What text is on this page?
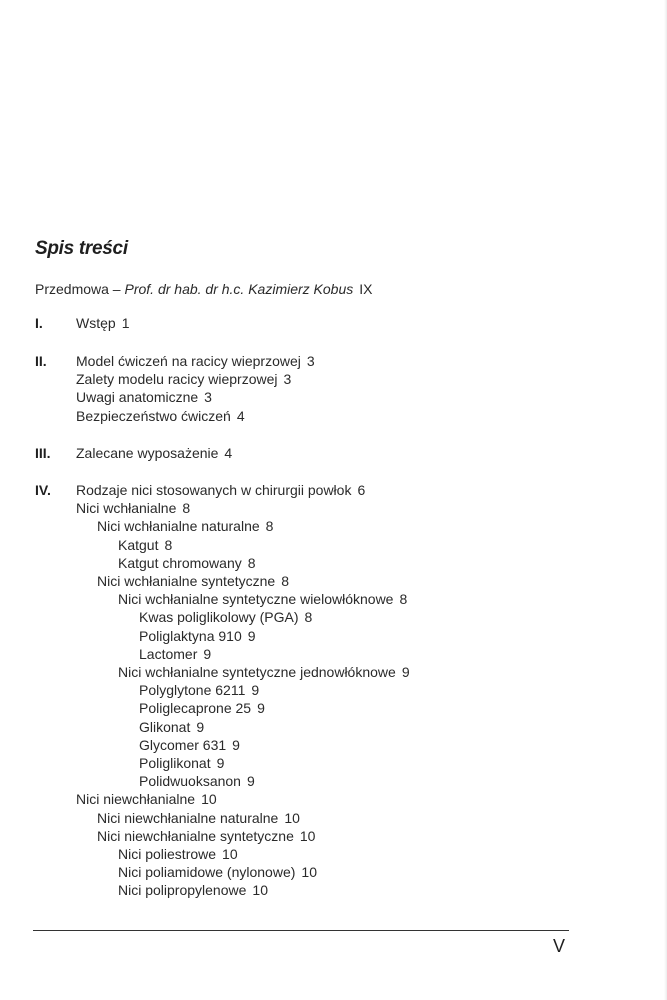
Spis treści
Przedmowa – Prof. dr hab. dr h.c. Kazimierz Kobus IX
I. Wstęp 1
II. Model ćwiczeń na racicy wieprzowej 3
Zalety modelu racicy wieprzowej 3
Uwagi anatomiczne 3
Bezpieczeństwo ćwiczeń 4
III. Zalecane wyposażenie 4
IV. Rodzaje nici stosowanych w chirurgii powłok 6
Nici wchłanialne 8
Nici wchłanialne naturalne 8
Katgut 8
Katgut chromowany 8
Nici wchłanialne syntetyczne 8
Nici wchłanialne syntetyczne wielowłóknowe 8
Kwas poliglikolowy (PGA) 8
Poliglaktyna 910 9
Lactomer 9
Nici wchłanialne syntetyczne jednowłóknowe 9
Polyglytone 6211 9
Poliglecaprone 25 9
Glikonat 9
Glycomer 631 9
Poliglikonat 9
Polidwuoksanon 9
Nici niewchłanialne 10
Nici niewchłanialne naturalne 10
Nici niewchłanialne syntetyczne 10
Nici poliestrowe 10
Nici poliamidowe (nylonowe) 10
Nici polipropylenowe 10
V
